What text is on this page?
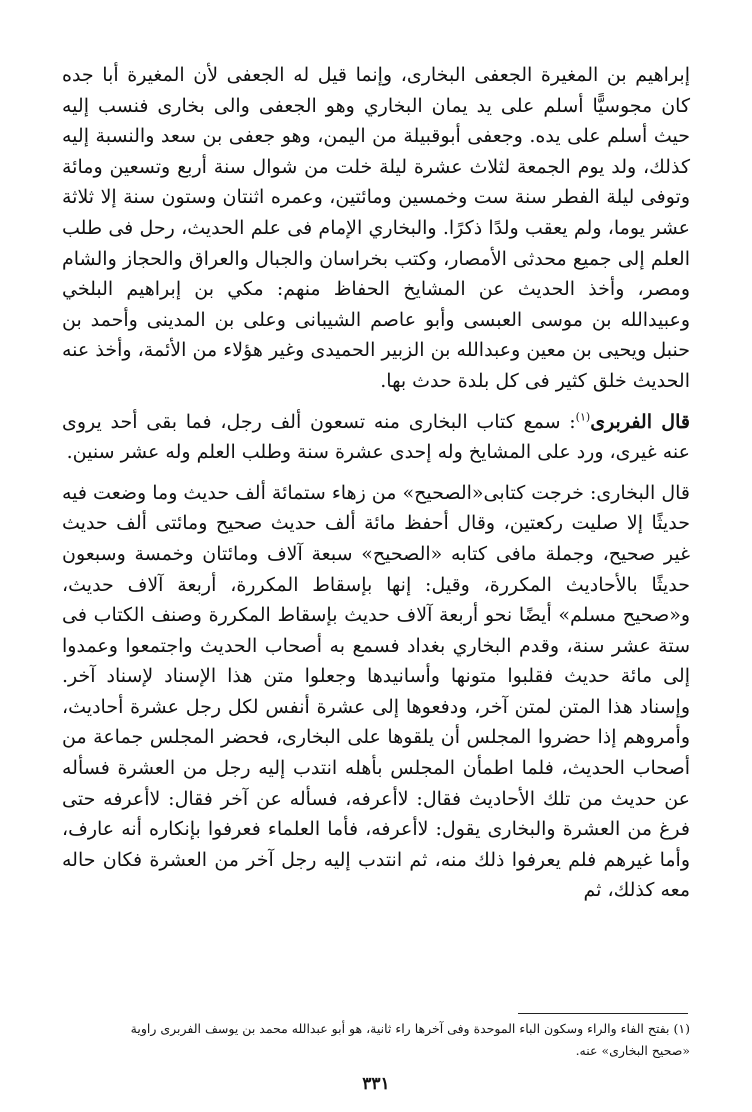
إبراهيم بن المغيرة الجعفى البخارى، وإنما قيل له الجعفى لأن المغيرة أبا جده كان مجوسيًّا أسلم على يد يمان البخاري وهو الجعفى والى بخارى فنسب إليه حيث أسلم على يده. وجعفى أبوقبيلة من اليمن، وهو جعفى بن سعد والنسبة إليه كذلك، ولد يوم الجمعة لثلاث عشرة ليلة خلت من شوال سنة أربع وتسعين ومائة وتوفى ليلة الفطر سنة ست وخمسين ومائتين، وعمره اثنتان وستون سنة إلا ثلاثة عشر يوما، ولم يعقب ولدًا ذكرًا. والبخاري الإمام فى علم الحديث، رحل فى طلب العلم إلى جميع محدثى الأمصار، وكتب بخراسان والجبال والعراق والحجاز والشام ومصر، وأخذ الحديث عن المشايخ الحفاظ منهم: مكي بن إبراهيم البلخي وعبيدالله بن موسى العبسى وأبو عاصم الشيبانى وعلى بن المدينى وأحمد بن حنبل ويحيى بن معين وعبدالله بن الزبير الحميدى وغير هؤلاء من الأئمة، وأخذ عنه الحديث خلق كثير فى كل بلدة حدث بها.

قال الفربرى$^{(١)}$: سمع كتاب البخارى منه تسعون ألف رجل، فما بقى أحد يروى عنه غيرى، ورد على المشايخ وله إحدى عشرة سنة وطلب العلم وله عشر سنين.

قال البخارى: خرجت كتابى«الصحيح» من زهاء ستمائة ألف حديث وما وضعت فيه حديثًا إلا صليت ركعتين، وقال أحفظ مائة ألف حديث صحيح ومائتى ألف حديث غير صحيح، وجملة مافى كتابه «الصحيح» سبعة آلاف ومائتان وخمسة وسبعون حديثًا بالأحاديث المكررة، وقيل: إنها بإسقاط المكررة، أربعة آلاف حديث، و«صحيح مسلم» أيضًا نحو أربعة آلاف حديث بإسقاط المكررة وصنف الكتاب فى ستة عشر سنة، وقدم البخاري بغداد فسمع به أصحاب الحديث واجتمعوا وعمدوا إلى مائة حديث فقلبوا متونها وأسانيدها وجعلوا متن هذا الإسناد لإسناد آخر. وإسناد هذا المتن لمتن آخر، ودفعوها إلى عشرة أنفس لكل رجل عشرة أحاديث، وأمروهم إذا حضروا المجلس أن يلقوها على البخارى، فحضر المجلس جماعة من أصحاب الحديث، فلما اطمأن المجلس بأهله انتدب إليه رجل من العشرة فسأله عن حديث من تلك الأحاديث فقال: لاأعرفه، فسأله عن آخر فقال: لاأعرفه حتى فرغ من العشرة والبخارى يقول: لاأعرفه، فأما العلماء فعرفوا بإنكاره أنه عارف، وأما غيرهم فلم يعرفوا ذلك منه، ثم انتدب إليه رجل آخر من العشرة فكان حاله معه كذلك، ثم

(١) بفتح الفاء والراء وسكون الباء الموحدة وفى آخرها راء ثانية، هو أبو عبدالله محمد بن يوسف الفربرى راوية

«صحيح البخارى» عنه.

٣٣١
